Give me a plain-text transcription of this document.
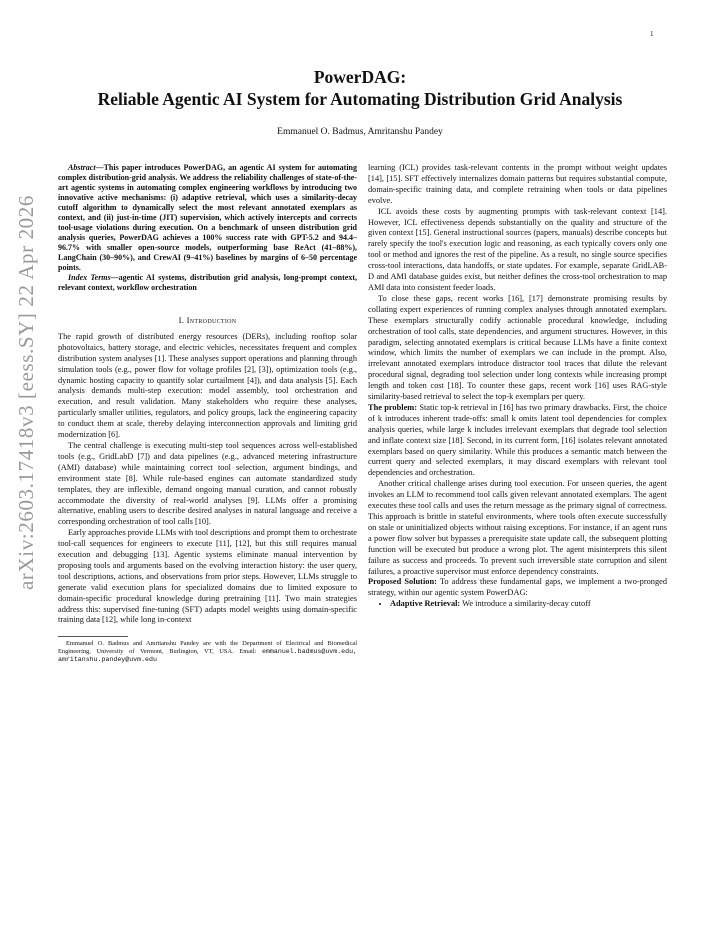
1
arXiv:2603.17418v3 [eess.SY] 22 Apr 2026
PowerDAG:
Reliable Agentic AI System for Automating Distribution Grid Analysis
Emmanuel O. Badmus, Amritanshu Pandey

Abstract—This paper introduces PowerDAG, an agentic AI system for automating complex distribution-grid analysis. We address the reliability challenges of state-of-the-art agentic systems in automating complex engineering workflows by introducing two innovative active mechanisms: (i) adaptive retrieval, which uses a similarity-decay cutoff algorithm to dynamically select the most relevant annotated exemplars as context, and (ii) just-in-time (JIT) supervision, which actively intercepts and corrects tool-usage violations during execution. On a benchmark of unseen distribution grid analysis queries, PowerDAG achieves a 100% success rate with GPT-5.2 and 94.4–96.7% with smaller open-source models, outperforming base ReAct (41–88%), LangChain (30–90%), and CrewAI (9–41%) baselines by margins of 6–50 percentage points.

Index Terms—agentic AI systems, distribution grid analysis, long-prompt context, relevant context, workflow orchestration

I. Introduction

The rapid growth of distributed energy resources (DERs), including rooftop solar photovoltaics, battery storage, and electric vehicles, necessitates frequent and complex distribution system analyses [1]. These analyses support operations and planning through simulation tools (e.g., power flow for voltage profiles [2], [3]), optimization tools (e.g., dynamic hosting capacity to quantify solar curtailment [4]), and data analysis [5]. Each analysis demands multi-step execution: model assembly, tool orchestration and execution, and result validation. Many stakeholders who require these analyses, particularly smaller utilities, regulators, and policy groups, lack the engineering capacity to conduct them at scale, thereby delaying interconnection approvals and limiting grid modernization [6].

The central challenge is executing multi-step tool sequences across well-established tools (e.g., GridLabD [7]) and data pipelines (e.g., advanced metering infrastructure (AMI) database) while maintaining correct tool selection, argument bindings, and environment state [8]. While rule-based engines can automate standardized study templates, they are inflexible, demand ongoing manual curation, and cannot robustly accommodate the diversity of real-world analyses [9]. LLMs offer a promising alternative, enabling users to describe desired analyses in natural language and receive a corresponding orchestration of tool calls [10].

Early approaches provide LLMs with tool descriptions and prompt them to orchestrate tool-call sequences for engineers to execute [11], [12], but this still requires manual execution and debugging [13]. Agentic systems eliminate manual intervention by proposing tools and arguments based on the evolving interaction history: the user query, tool descriptions, actions, and observations from prior steps. However, LLMs struggle to generate valid execution plans for specialized domains due to limited exposure to domain-specific procedural knowledge during pretraining [11]. Two main strategies address this: supervised fine-tuning (SFT) adapts model weights using domain-specific training data [12], while long in-context

Emmanuel O. Badmus and Amritanshu Pandey are with the Department of Electrical and Biomedical Engineering, University of Vermont, Burlington, VT, USA. Email: emmanuel.badmus@uvm.edu, amritanshu.pandey@uvm.edu

learning (ICL) provides task-relevant contents in the prompt without weight updates [14], [15]. SFT effectively internalizes domain patterns but requires substantial compute, domain-specific training data, and complete retraining when tools or data pipelines evolve.

ICL avoids these costs by augmenting prompts with task-relevant context [14]. However, ICL effectiveness depends substantially on the quality and structure of the given context [15]. General instructional sources (papers, manuals) describe concepts but rarely specify the tool's execution logic and reasoning, as each typically covers only one tool or method and ignores the rest of the pipeline. As a result, no single source specifies cross-tool interactions, data handoffs, or state updates. For example, separate GridLAB-D and AMI database guides exist, but neither defines the cross-tool orchestration to map AMI data into consistent feeder loads.

To close these gaps, recent works [16], [17] demonstrate promising results by collating expert experiences of running complex analyses through annotated exemplars. These exemplars structurally codify actionable procedural knowledge, including orchestration of tool calls, state dependencies, and argument structures. However, in this paradigm, selecting annotated exemplars is critical because LLMs have a finite context window, which limits the number of exemplars we can include in the prompt. Also, irrelevant annotated exemplars introduce distractor tool traces that dilute the relevant procedural signal, degrading tool selection under long contexts while increasing prompt length and token cost [18]. To counter these gaps, recent work [16] uses RAG-style similarity-based retrieval to select the top-k exemplars per query.

The problem: Static top-k retrieval in [16] has two primary drawbacks. First, the choice of k introduces inherent trade-offs: small k omits latent tool dependencies for complex analysis queries, while large k includes irrelevant exemplars that degrade tool selection and inflate context size [18]. Second, in its current form, [16] isolates relevant annotated exemplars based on query similarity. While this produces a semantic match between the current query and selected exemplars, it may discard exemplars with relevant tool dependencies and orchestration.

Another critical challenge arises during tool execution. For unseen queries, the agent invokes an LLM to recommend tool calls given relevant annotated exemplars. The agent executes these tool calls and uses the return message as the primary signal of correctness. This approach is brittle in stateful environments, where tools often execute successfully on stale or uninitialized objects without raising exceptions. For instance, if an agent runs a power flow solver but bypasses a prerequisite state update call, the subsequent plotting function will be executed but produce a wrong plot. The agent misinterprets this silent failure as success and proceeds. To prevent such irreversible state corruption and silent failures, a proactive supervisor must enforce dependency constraints.

Proposed Solution: To address these fundamental gaps, we implement a two-pronged strategy, within our agentic system PowerDAG:

• Adaptive Retrieval: We introduce a similarity-decay cutoff
